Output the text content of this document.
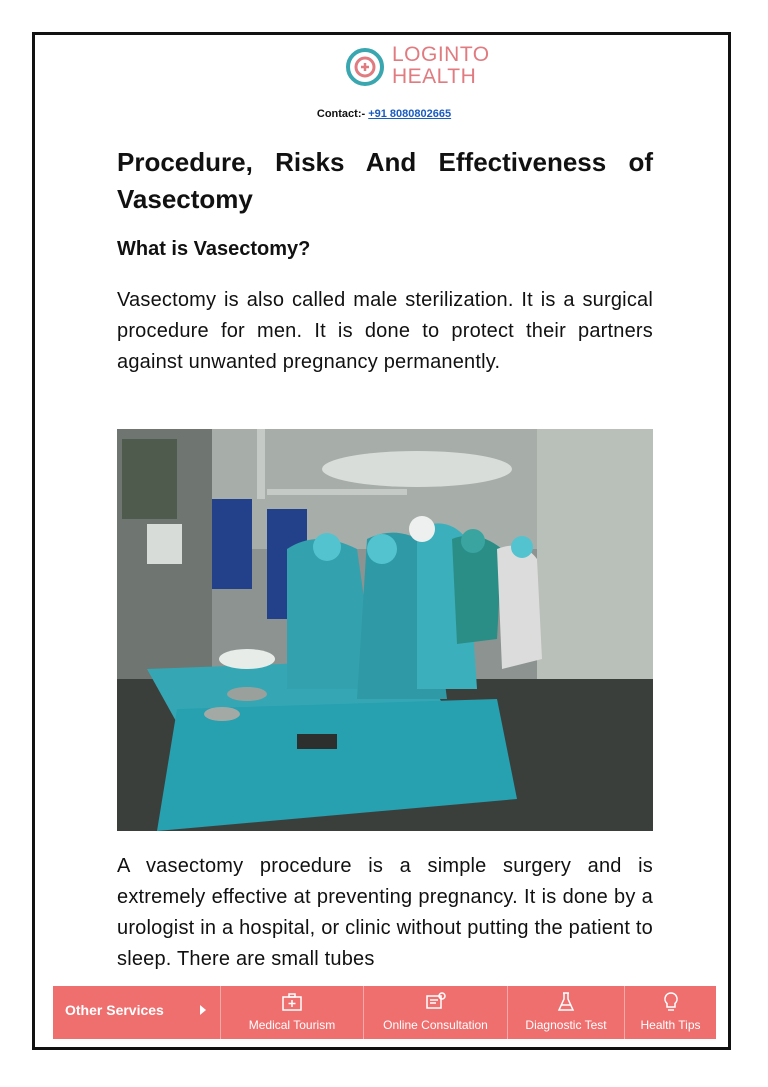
LOGINTO
HEALTH
Contact:- +91 8080802665
Procedure, Risks And Effectiveness of Vasectomy
What is Vasectomy?
Vasectomy is also called male sterilization. It is a surgical procedure for men. It is done to protect their partners against unwanted pregnancy permanently.
A vasectomy procedure is a simple surgery and is extremely effective at preventing pregnancy. It is done by a urologist in a hospital, or clinic without putting the patient to sleep. There are small tubes
Other Services
Medical Tourism	Online Consultation	Diagnostic Test	Health Tips
